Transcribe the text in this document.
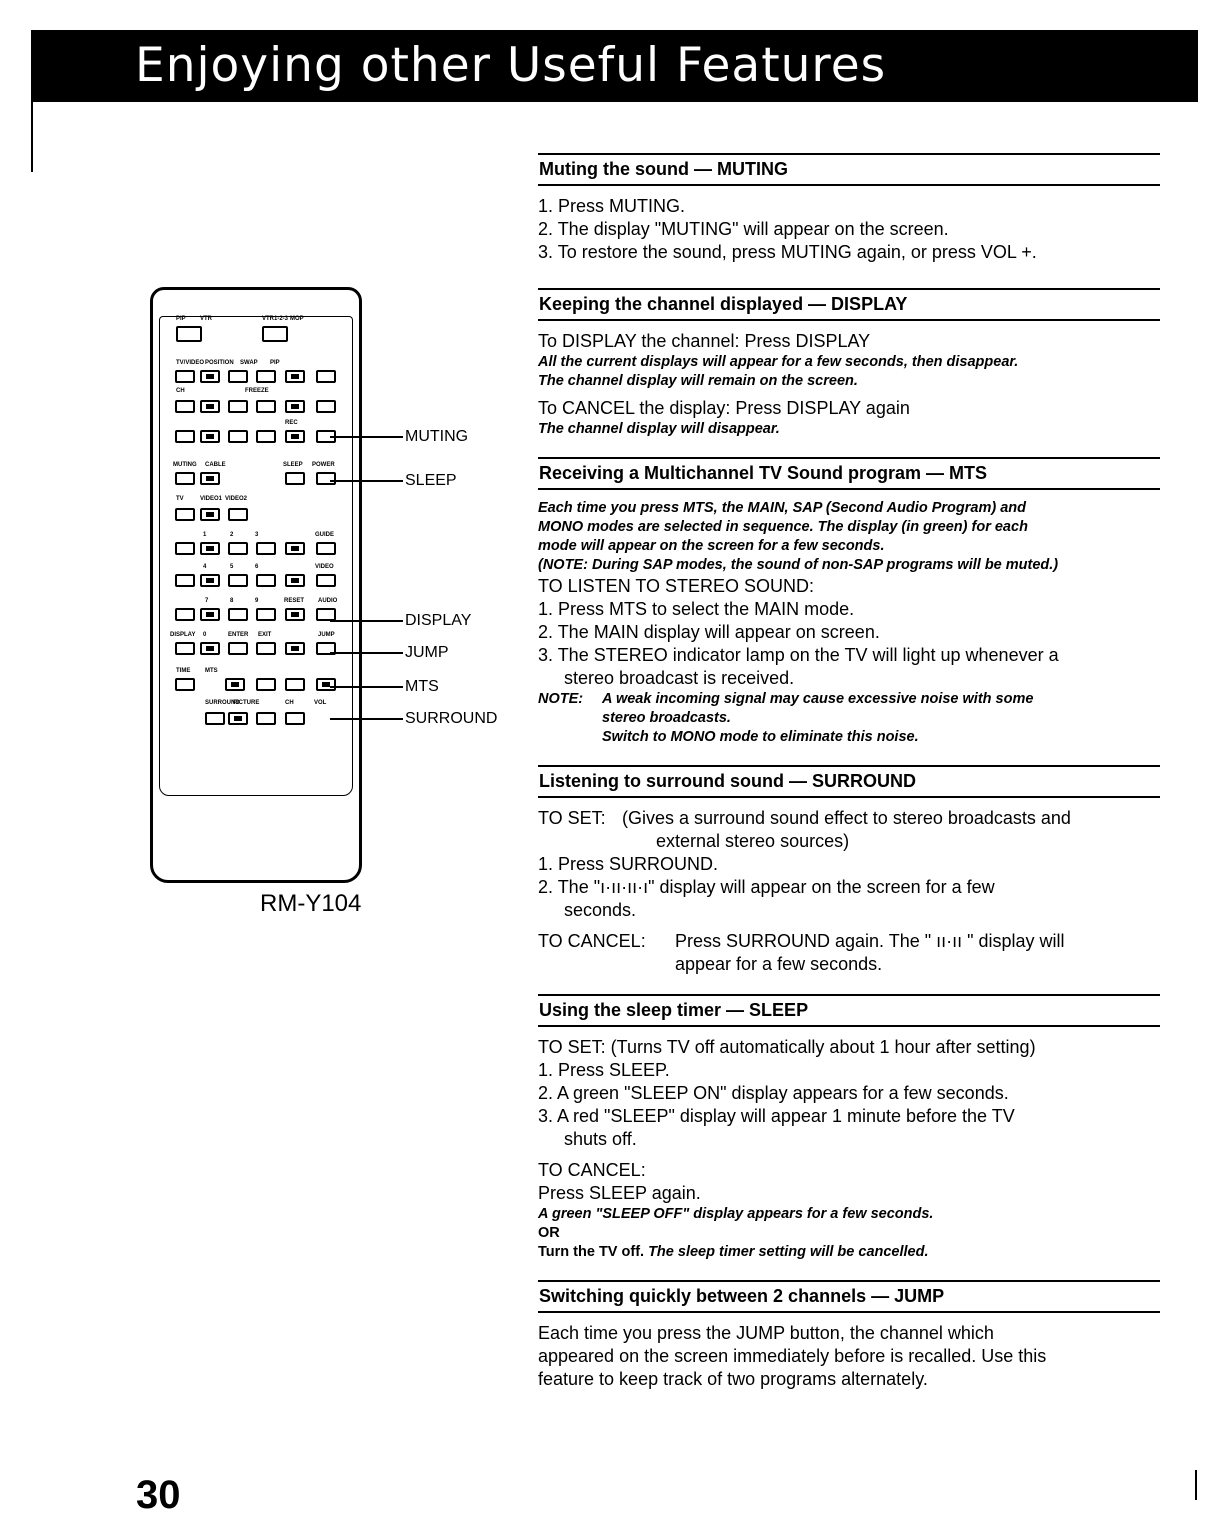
Enjoying other Useful Features
PIP VTR	VTR1-2-3 MOP
TV/VIDEO POSITION SWAP PIP
CH	FREEZE
REC
MUTING CABLE	SLEEP POWER
TV	VIDEO1 VIDEO2
1	2	3	GUIDE
4	5	6	VIDEO
7	8	9	RESET AUDIO
DISPLAY 0	ENTER EXIT	JUMP
TIME MTS
SURROUND
PICTURE	CH	VOL
RM-Y104
MUTING
SLEEP
DISPLAY
JUMP
MTS
SURROUND
30
Muting the sound — MUTING
1. Press MUTING.
2. The display "MUTING" will appear on the screen.
3. To restore the sound, press MUTING again, or press VOL +.
Keeping the channel displayed — DISPLAY
To DISPLAY the channel: Press DISPLAY
All the current displays will appear for a few seconds, then disappear.
The channel display will remain on the screen.
To CANCEL the display: Press DISPLAY again
The channel display will disappear.
Receiving a Multichannel TV Sound program — MTS
Each time you press MTS, the MAIN, SAP (Second Audio Program) and
MONO modes are selected in sequence. The display (in green) for each
mode will appear on the screen for a few seconds.
(NOTE: During SAP modes, the sound of non-SAP programs will be muted.)
TO LISTEN TO STEREO SOUND:
1. Press MTS to select the MAIN mode.
2. The MAIN display will appear on screen.
3. The STEREO indicator lamp on the TV will light up whenever a
stereo broadcast is received.
NOTE:	A weak incoming signal may cause excessive noise with some
stereo broadcasts.
Switch to MONO mode to eliminate this noise.
Listening to surround sound — SURROUND
TO SET: (Gives a surround sound effect to stereo broadcasts and
external stereo sources)
1. Press SURROUND.
2. The "ı·ıı·ıı·ı" display will appear on the screen for a few
seconds.
TO CANCEL:	Press SURROUND again. The " ıı·ıı " display will
appear for a few seconds.
Using the sleep timer — SLEEP
TO SET: (Turns TV off automatically about 1 hour after setting)
1. Press SLEEP.
2. A green "SLEEP ON" display appears for a few seconds.
3. A red "SLEEP" display will appear 1 minute before the TV
shuts off.
TO CANCEL:
Press SLEEP again.
A green "SLEEP OFF" display appears for a few seconds.
OR
Turn the TV off. The sleep timer setting will be cancelled.
Switching quickly between 2 channels — JUMP
Each time you press the JUMP button, the channel which
appeared on the screen immediately before is recalled. Use this
feature to keep track of two programs alternately.
